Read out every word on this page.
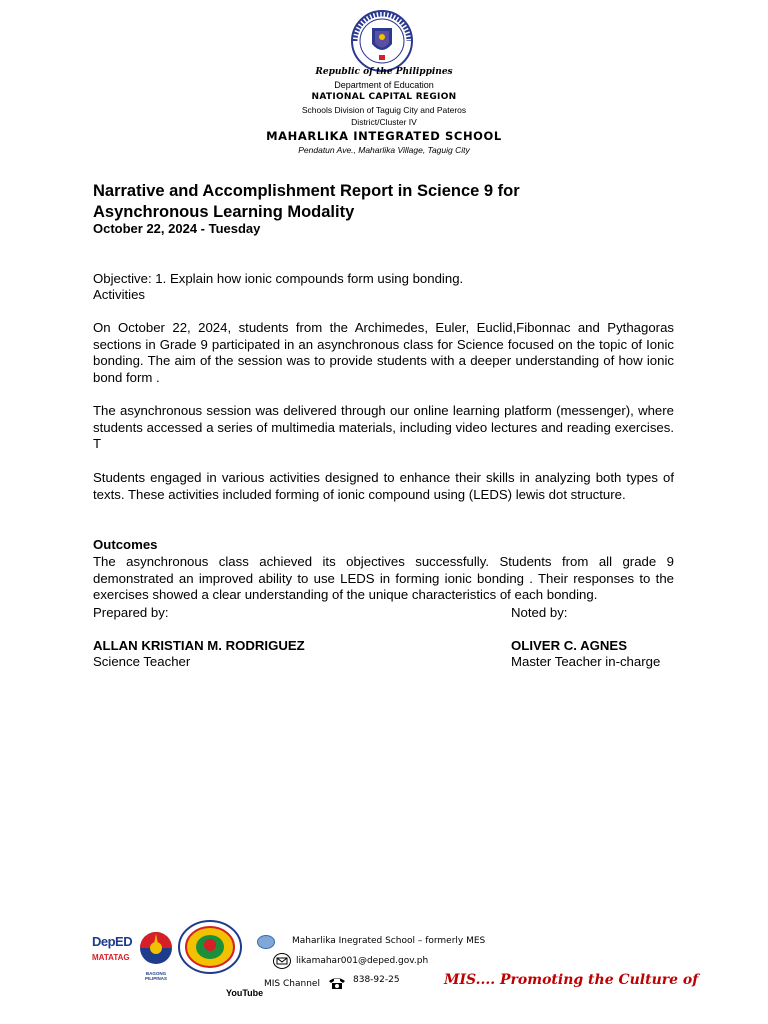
Republic of the Philippines
Department of Education
NATIONAL CAPITAL REGION
Schools Division of Taguig City and Pateros
District/Cluster IV
MAHARLIKA INTEGRATED SCHOOL
Pendatun Ave., Maharlika Village, Taguig City
Narrative and Accomplishment Report in Science 9 for
Asynchronous Learning Modality
October 22, 2024 - Tuesday
Objective: 1. Explain how ionic compounds form using bonding.
Activities
On October 22, 2024, students from the Archimedes, Euler, Euclid,Fibonnac and Pythagoras sections in Grade 9 participated in an asynchronous class for Science focused on the topic of Ionic bonding. The aim of the session was to provide students with a deeper understanding of how ionic bond form .
The asynchronous session was delivered through our online learning platform (messenger), where students accessed a series of multimedia materials, including video lectures and reading exercises. T
Students engaged in various activities designed to enhance their skills in analyzing both types of texts. These activities included forming of ionic compound using (LEDS) lewis dot structure.
Outcomes
The asynchronous class achieved its objectives successfully. Students from all grade 9 demonstrated an improved ability to use LEDS in forming ionic bonding . Their responses to the exercises showed a clear understanding of the unique characteristics of each bonding.
Prepared by:	Noted by:
ALLAN KRISTIAN M. RODRIGUEZ	OLIVER C. AGNES
Science Teacher	Master Teacher in-charge
DepED
MATATAG
BAGONG PILIPINAS
Maharlika Inegrated School – formerly MES
likamahar001@deped.gov.ph
YouTube
MIS Channel	838-92-25	MIS.... Promoting the Culture of
